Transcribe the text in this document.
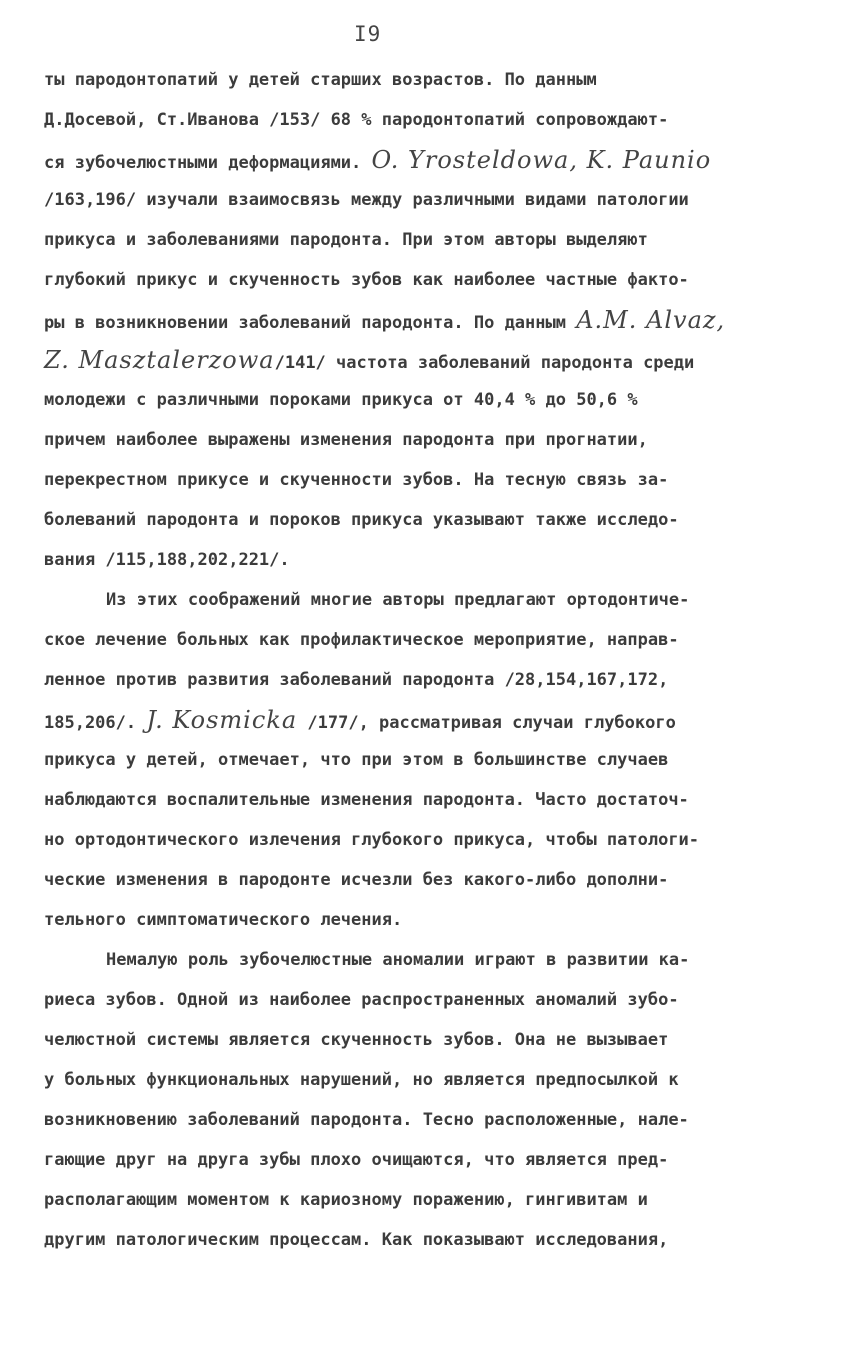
I9
ты пародонтопатий у детей старших возрастов. По данным
Д.Досевой, Ст.Иванова /153/ 68 % пародонтопатий сопровождают-
ся зубочелюстными деформациями. O. Yrosteldowa, K. Paunio
/163,196/ изучали взаимосвязь между различными видами патологии
прикуса и заболеваниями пародонта. При этом авторы выделяют
глубокий прикус и скученность зубов как наиболее частные факто-
ры в возникновении заболеваний пародонта. По данным A.M. Alvaz,
Z. Masztalerzowa/141/ частота заболеваний пародонта среди
молодежи с различными пороками прикуса от 40,4 % до 50,6 %
причем наиболее выражены изменения пародонта при прогнатии,
перекрестном прикусе и скученности зубов. На тесную связь за-
болеваний пародонта и пороков прикуса указывают также исследо-
вания /115,188,202,221/.
Из этих соображений многие авторы предлагают ортодонтиче-
ское лечение больных как профилактическое мероприятие, направ-
ленное против развития заболеваний пародонта /28,154,167,172,
185,206/. J. Kosmicka /177/, рассматривая случаи глубокого
прикуса у детей, отмечает, что при этом в большинстве случаев
наблюдаются воспалительные изменения пародонта. Часто достаточ-
но ортодонтического излечения глубокого прикуса, чтобы патологи-
ческие изменения в пародонте исчезли без какого-либо дополни-
тельного симптоматического лечения.
Немалую роль зубочелюстные аномалии играют в развитии ка-
риеса зубов. Одной из наиболее распространенных аномалий зубо-
челюстной системы является скученность зубов. Она не вызывает
у больных функциональных нарушений, но является предпосылкой к
возникновению заболеваний пародонта. Тесно расположенные, нале-
гающие друг на друга зубы плохо очищаются, что является пред-
располагающим моментом к кариозному поражению, гингивитам и
другим патологическим процессам. Как показывают исследования,
